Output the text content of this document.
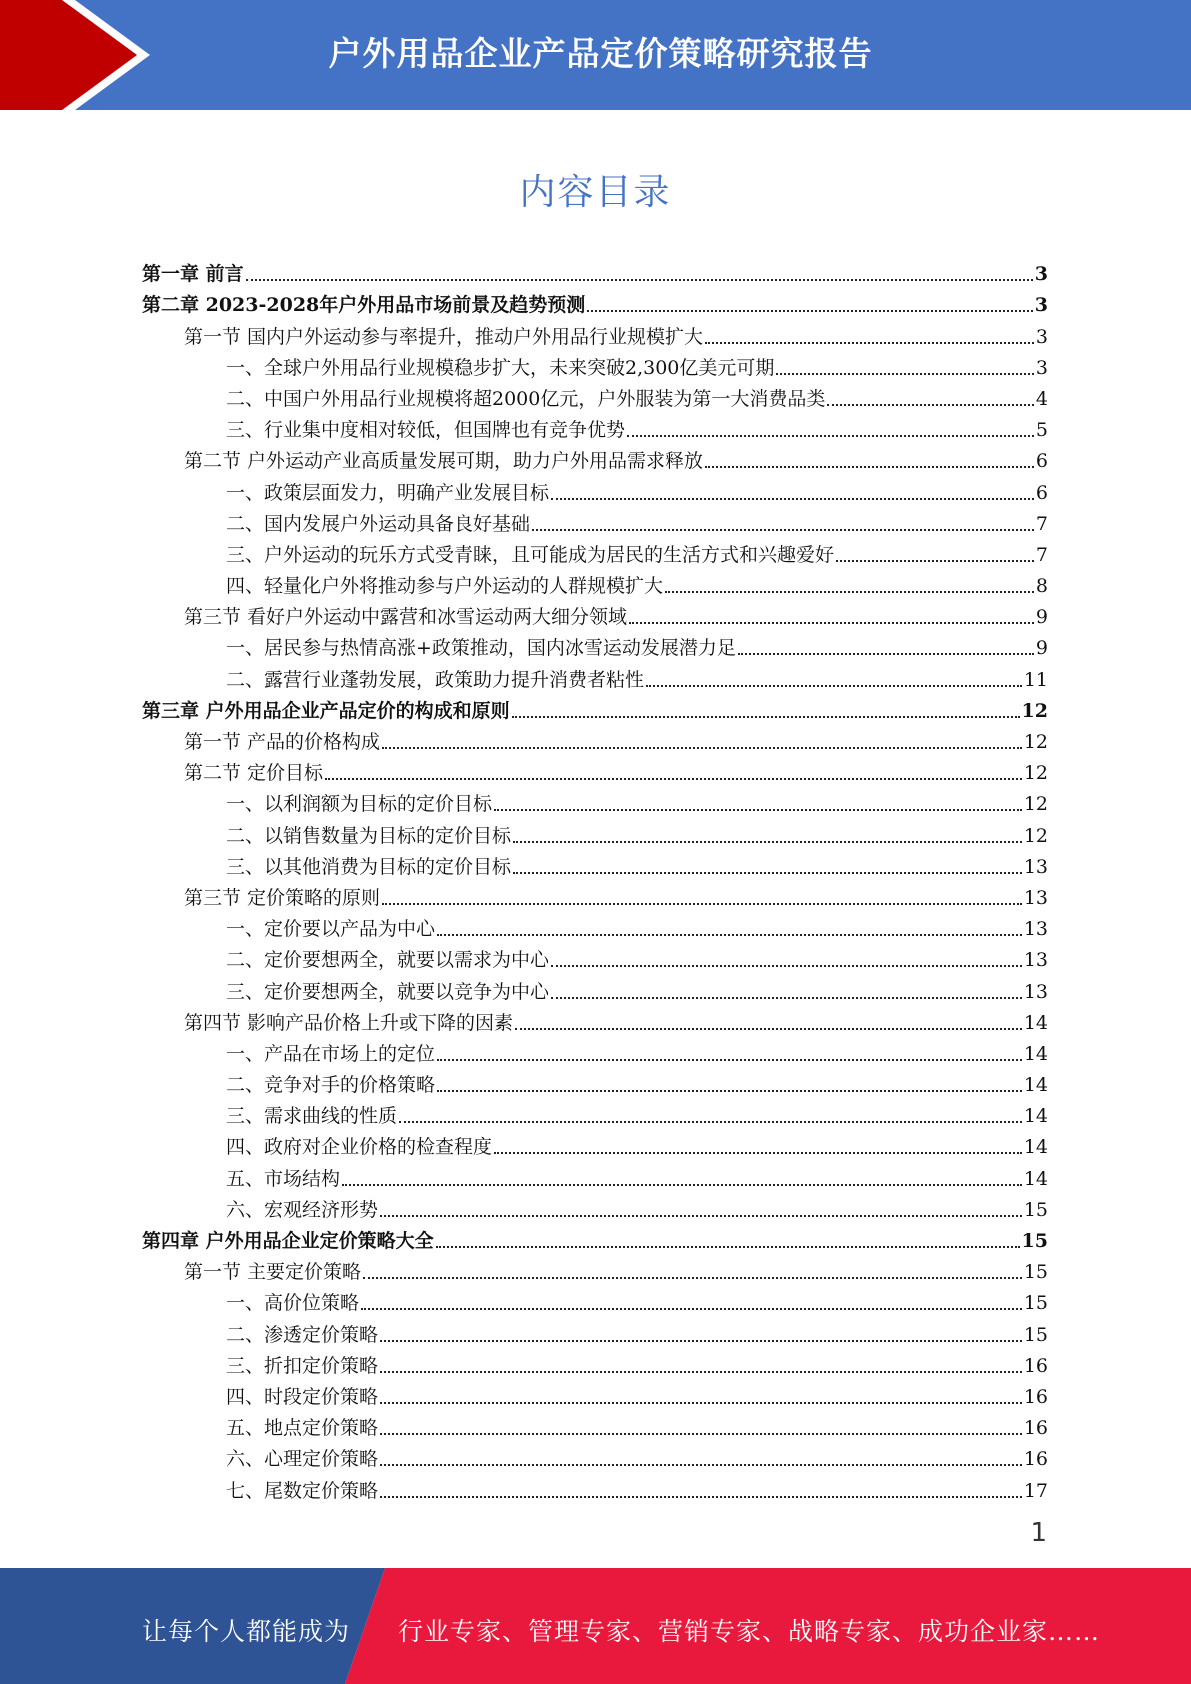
户外用品企业产品定价策略研究报告
内容目录
第一章 前言	3
第二章 2023-2028年户外用品市场前景及趋势预测	3
第一节 国内户外运动参与率提升，推动户外用品行业规模扩大	3
一、全球户外用品行业规模稳步扩大，未来突破2,300亿美元可期	3
二、中国户外用品行业规模将超2000亿元，户外服装为第一大消费品类	4
三、行业集中度相对较低，但国牌也有竞争优势	5
第二节 户外运动产业高质量发展可期，助力户外用品需求释放	6
一、政策层面发力，明确产业发展目标	6
二、国内发展户外运动具备良好基础	7
三、户外运动的玩乐方式受青睐，且可能成为居民的生活方式和兴趣爱好	7
四、轻量化户外将推动参与户外运动的人群规模扩大	8
第三节 看好户外运动中露营和冰雪运动两大细分领域	9
一、居民参与热情高涨+政策推动，国内冰雪运动发展潜力足	9
二、露营行业蓬勃发展，政策助力提升消费者粘性	11
第三章 户外用品企业产品定价的构成和原则	12
第一节 产品的价格构成	12
第二节 定价目标	12
一、以利润额为目标的定价目标	12
二、以销售数量为目标的定价目标	12
三、以其他消费为目标的定价目标	13
第三节 定价策略的原则	13
一、定价要以产品为中心	13
二、定价要想两全，就要以需求为中心	13
三、定价要想两全，就要以竞争为中心	13
第四节 影响产品价格上升或下降的因素	14
一、产品在市场上的定位	14
二、竞争对手的价格策略	14
三、需求曲线的性质	14
四、政府对企业价格的检查程度	14
五、市场结构	14
六、宏观经济形势	15
第四章 户外用品企业定价策略大全	15
第一节 主要定价策略	15
一、高价位策略	15
二、渗透定价策略	15
三、折扣定价策略	16
四、时段定价策略	16
五、地点定价策略	16
六、心理定价策略	16
七、尾数定价策略	17
1
让每个人都能成为 行业专家、管理专家、营销专家、战略专家、成功企业家……
